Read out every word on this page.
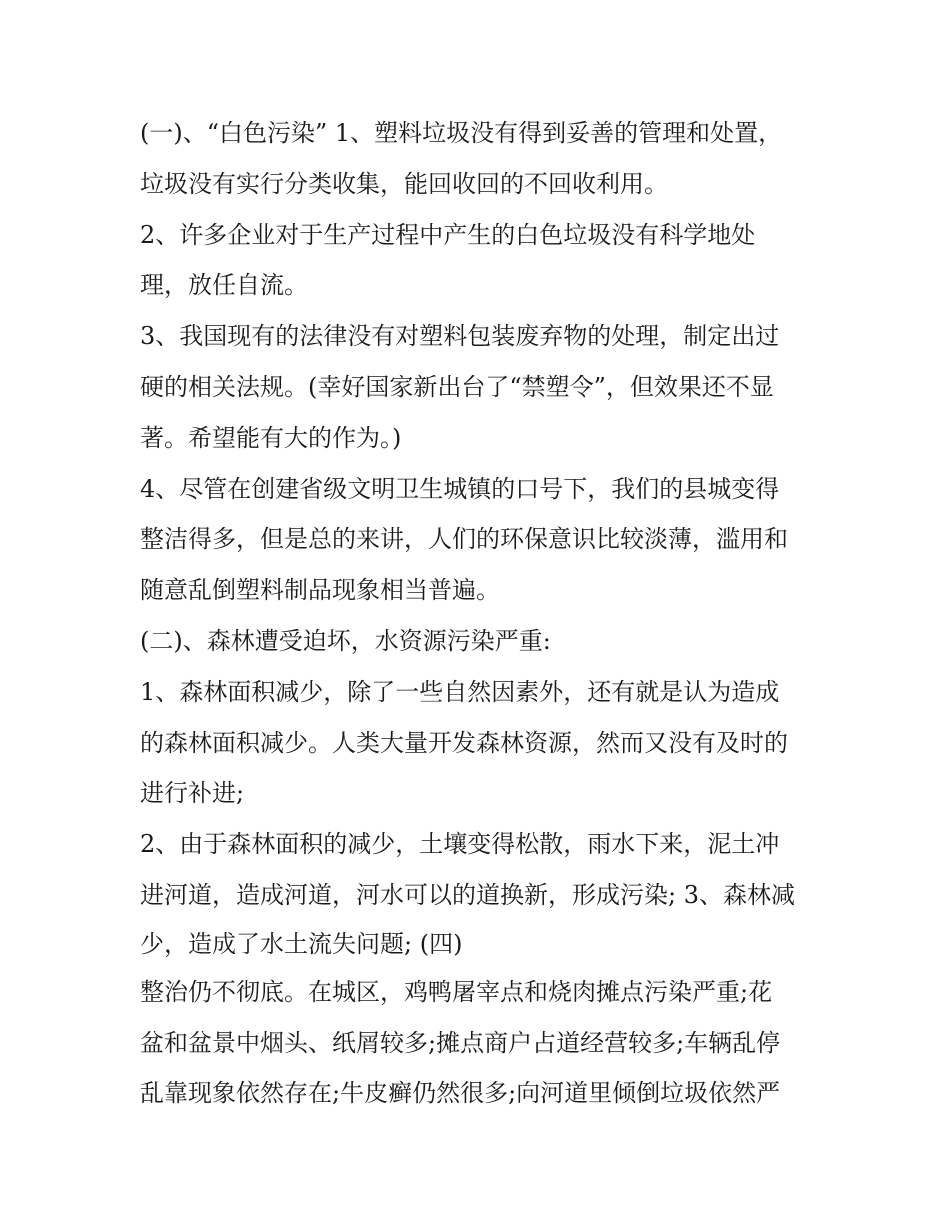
(一)、“白色污染” 1、塑料垃圾没有得到妥善的管理和处置，
垃圾没有实行分类收集，能回收回的不回收利用。
2、许多企业对于生产过程中产生的白色垃圾没有科学地处
理，放任自流。
3、我国现有的法律没有对塑料包装废弃物的处理，制定出过
硬的相关法规。(幸好国家新出台了“禁塑令”，但效果还不显
著。希望能有大的作为。)
4、尽管在创建省级文明卫生城镇的口号下，我们的县城变得
整洁得多，但是总的来讲，人们的环保意识比较淡薄，滥用和
随意乱倒塑料制品现象相当普遍。
(二)、森林遭受迫坏，水资源污染严重:
1、森林面积减少，除了一些自然因素外，还有就是认为造成
的森林面积减少。人类大量开发森林资源，然而又没有及时的
进行补进;
2、由于森林面积的减少，土壤变得松散，雨水下来，泥土冲
进河道，造成河道，河水可以的道换新，形成污染; 3、森林减
少，造成了水土流失问题; (四)
整治仍不彻底。在城区，鸡鸭屠宰点和烧肉摊点污染严重;花
盆和盆景中烟头、纸屑较多;摊点商户占道经营较多;车辆乱停
乱靠现象依然存在;牛皮癣仍然很多;向河道里倾倒垃圾依然严
